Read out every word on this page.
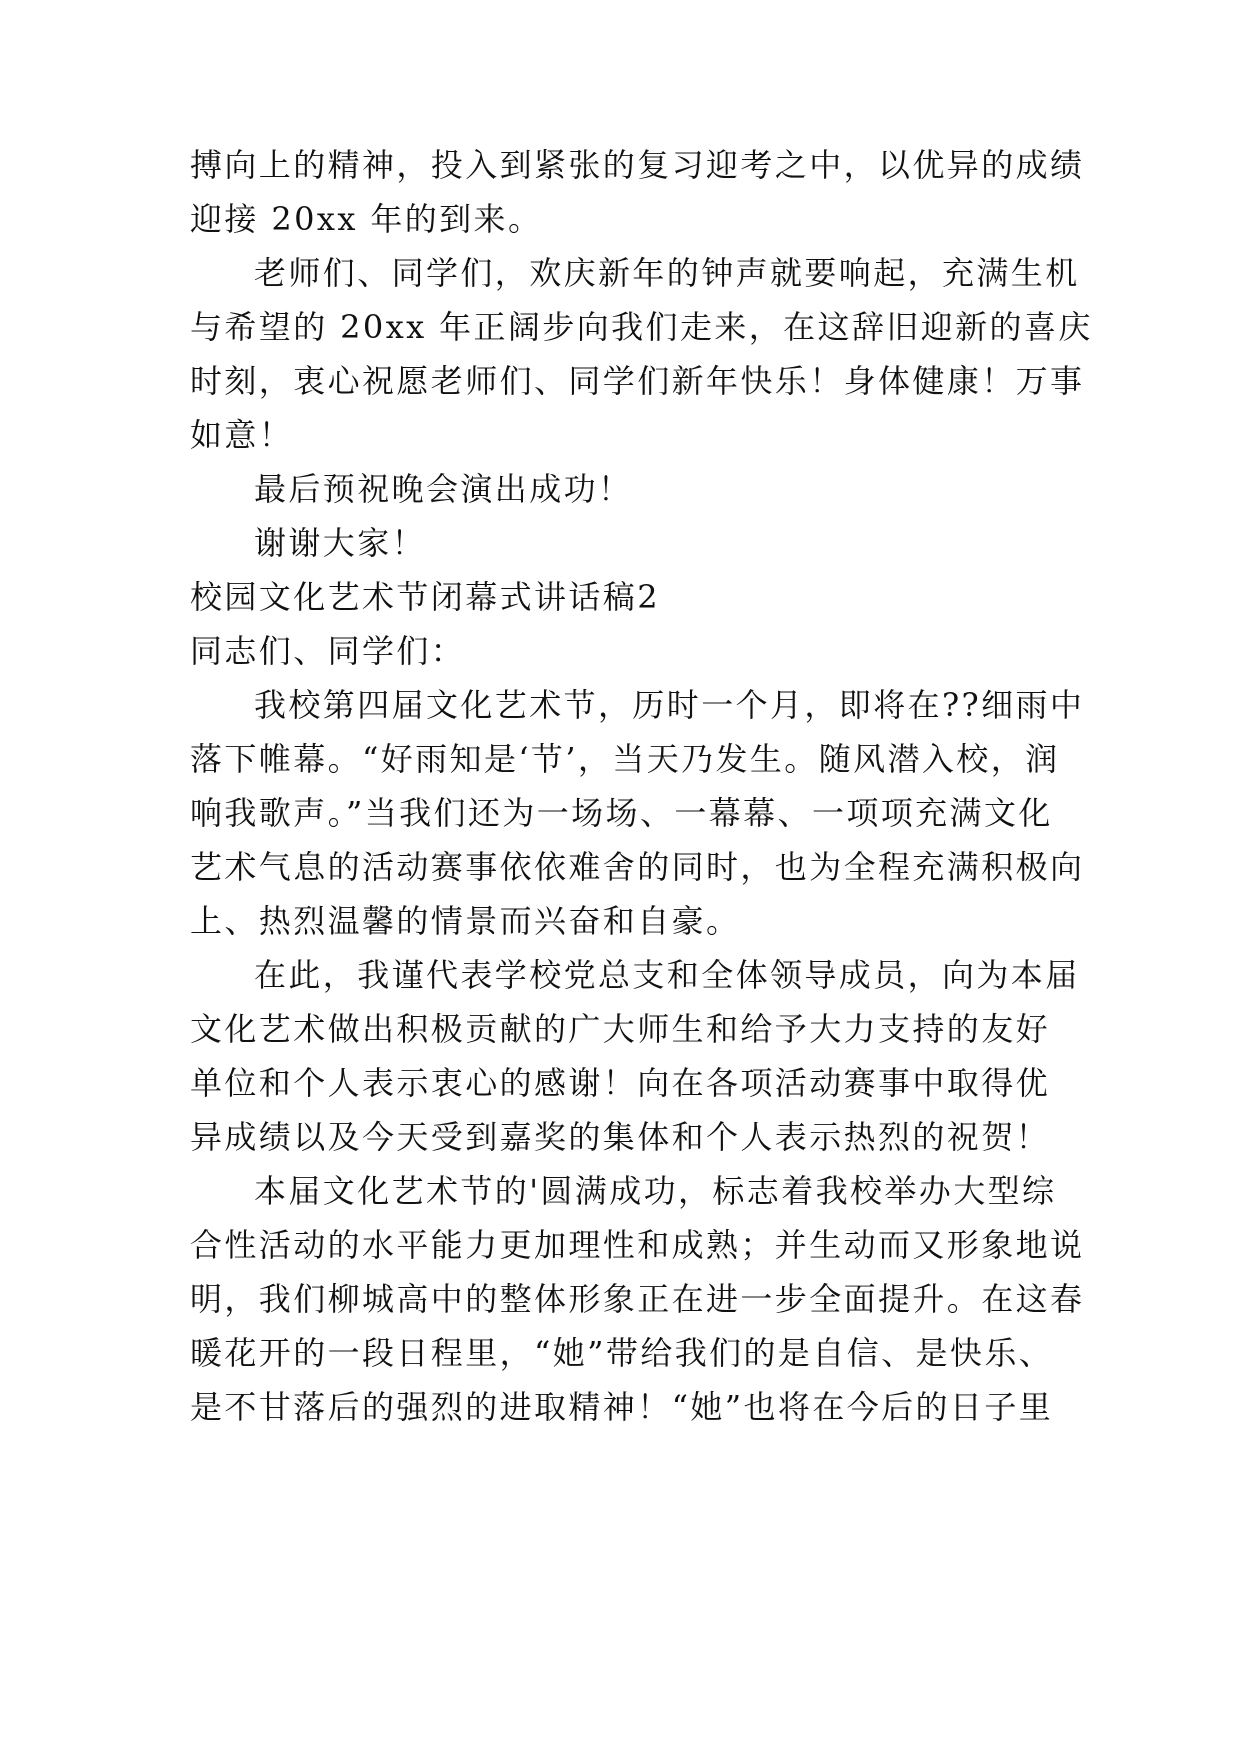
搏向上的精神，投入到紧张的复习迎考之中，以优异的成绩
迎接 20xx 年的到来。
老师们、同学们，欢庆新年的钟声就要响起，充满生机
与希望的 20xx 年正阔步向我们走来，在这辞旧迎新的喜庆
时刻，衷心祝愿老师们、同学们新年快乐！身体健康！万事
如意！
最后预祝晚会演出成功！
谢谢大家！
校园文化艺术节闭幕式讲话稿2
同志们、同学们：
我校第四届文化艺术节，历时一个月，即将在??细雨中
落下帷幕。“好雨知是‘节’，当天乃发生。随风潜入校，润
响我歌声。”当我们还为一场场、一幕幕、一项项充满文化
艺术气息的活动赛事依依难舍的同时，也为全程充满积极向
上、热烈温馨的情景而兴奋和自豪。
在此，我谨代表学校党总支和全体领导成员，向为本届
文化艺术做出积极贡献的广大师生和给予大力支持的友好
单位和个人表示衷心的感谢！向在各项活动赛事中取得优
异成绩以及今天受到嘉奖的集体和个人表示热烈的祝贺！
本届文化艺术节的'圆满成功，标志着我校举办大型综
合性活动的水平能力更加理性和成熟；并生动而又形象地说
明，我们柳城高中的整体形象正在进一步全面提升。在这春
暖花开的一段日程里，“她”带给我们的是自信、是快乐、
是不甘落后的强烈的进取精神！“她”也将在今后的日子里
